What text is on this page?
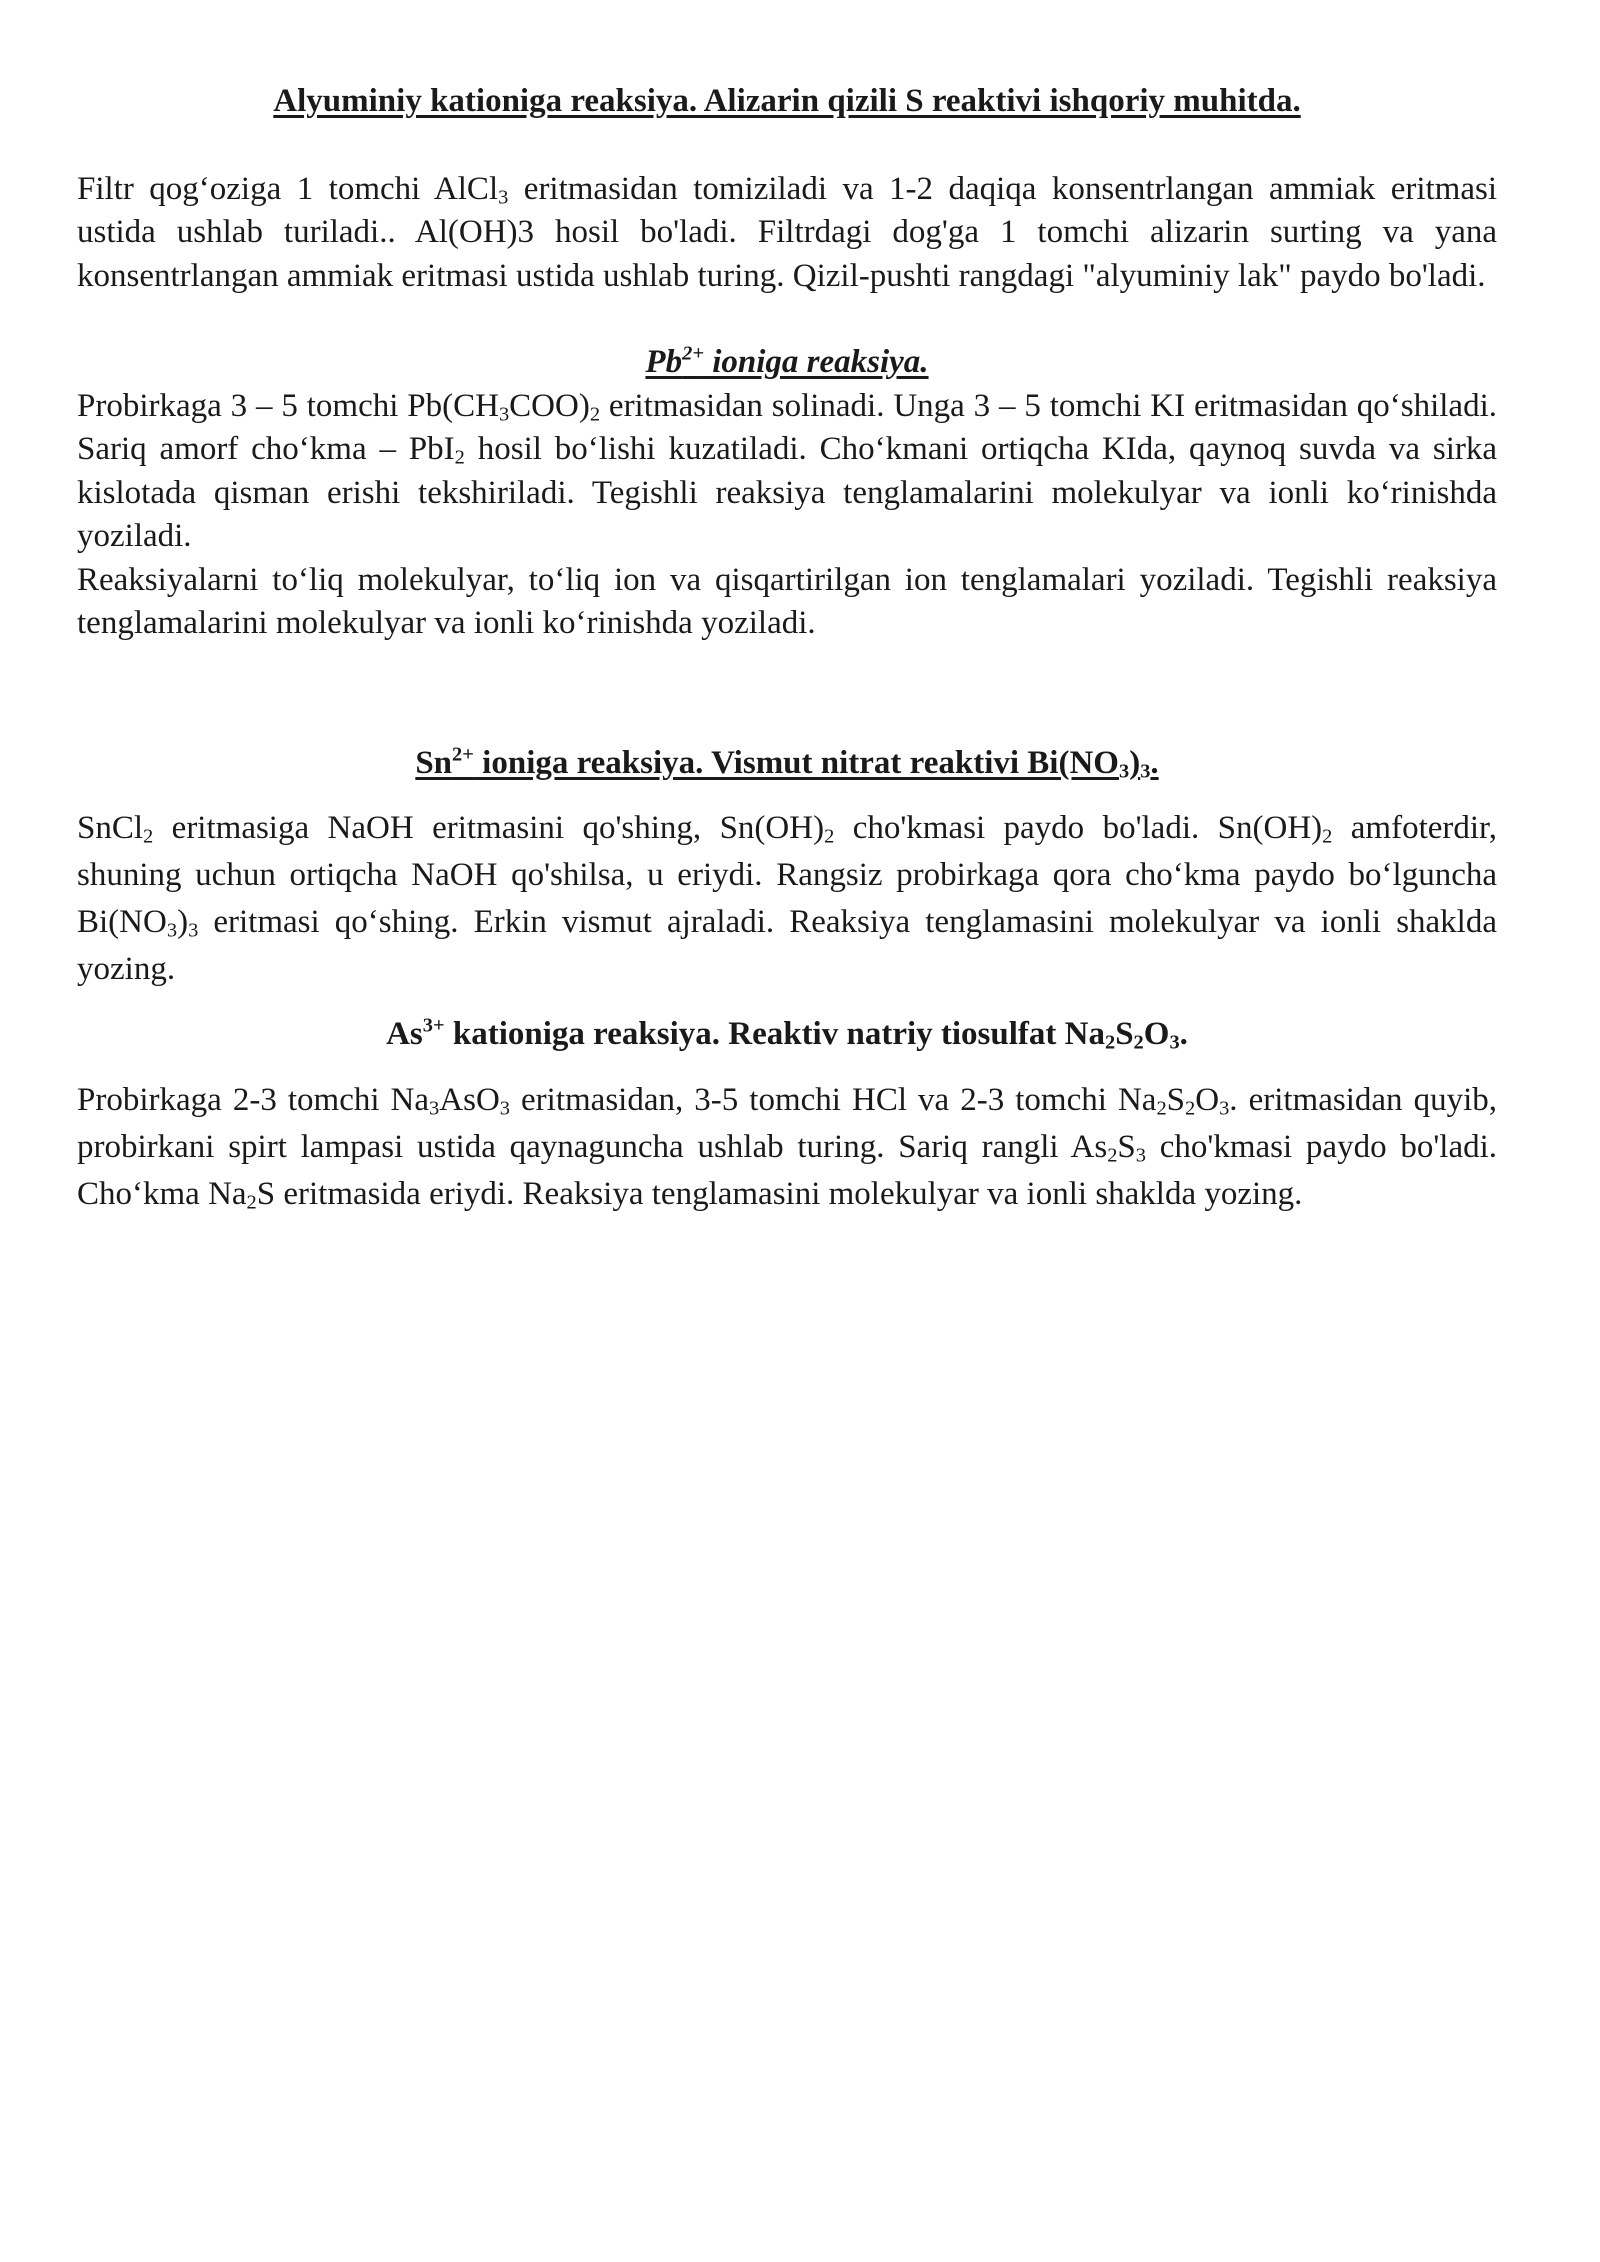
Alyuminiy kationiga reaksiya. Alizarin qizili S reaktivi ishqoriy muhitda.

Filtr qog‘oziga 1 tomchi AlCl$_3$ eritmasidan tomiziladi va 1-2 daqiqa konsentrlangan ammiak eritmasi ustida ushlab turiladi.. Al(OH)3 hosil bo'ladi. Filtrdagi dog'ga 1 tomchi alizarin surting va yana konsentrlangan ammiak eritmasi ustida ushlab turing. Qizil-pushti rangdagi "alyuminiy lak" paydo bo'ladi.

$Pb^{2+}$ ioniga reaksiya.

Probirkaga 3 – 5 tomchi $Pb(CH_3COO)_2$ eritmasidan solinadi. Unga 3 – 5 tomchi KI eritmasidan qo‘shiladi. Sariq amorf cho‘kma – PbI$_2$ hosil bo‘lishi kuzatiladi. Cho‘kmani ortiqcha KIda, qaynoq suvda va sirka kislotada qisman erishi tekshiriladi. Tegishli reaksiya tenglamalarini molekulyar va ionli ko‘rinishda yoziladi.

Reaksiyalarni to‘liq molekulyar, to‘liq ion va qisqartirilgan ion tenglamalari yoziladi. Tegishli reaksiya tenglamalarini molekulyar va ionli ko‘rinishda yoziladi.

$Sn^{2+}$ ioniga reaksiya. Vismut nitrat reaktivi $Bi(NO_3)_3$.

SnCl$_2$ eritmasiga NaOH eritmasini qo'shing, $Sn(OH)_2$ cho'kmasi paydo bo'ladi. $Sn(OH)_2$ amfoterdir, shuning uchun ortiqcha NaOH qo'shilsa, u eriydi. Rangsiz probirkaga qora cho‘kma paydo bo‘lguncha $Bi(NO_3)_3$ eritmasi qo‘shing. Erkin vismut ajraladi. Reaksiya tenglamasini molekulyar va ionli shaklda yozing.

$As^{3+}$ kationiga reaksiya. Reaktiv natriy tiosulfat $Na_2S_2O_3$.

Probirkaga 2-3 tomchi $Na_3AsO_3$ eritmasidan, 3-5 tomchi HCl va 2-3 tomchi $Na_2S_2O_3$. eritmasidan quyib, probirkani spirt lampasi ustida qaynaguncha ushlab turing. Sariq rangli $As_2S_3$ cho'kmasi paydo bo'ladi. Cho‘kma $Na_2S$ eritmasida eriydi. Reaksiya tenglamasini molekulyar va ionli shaklda yozing.
